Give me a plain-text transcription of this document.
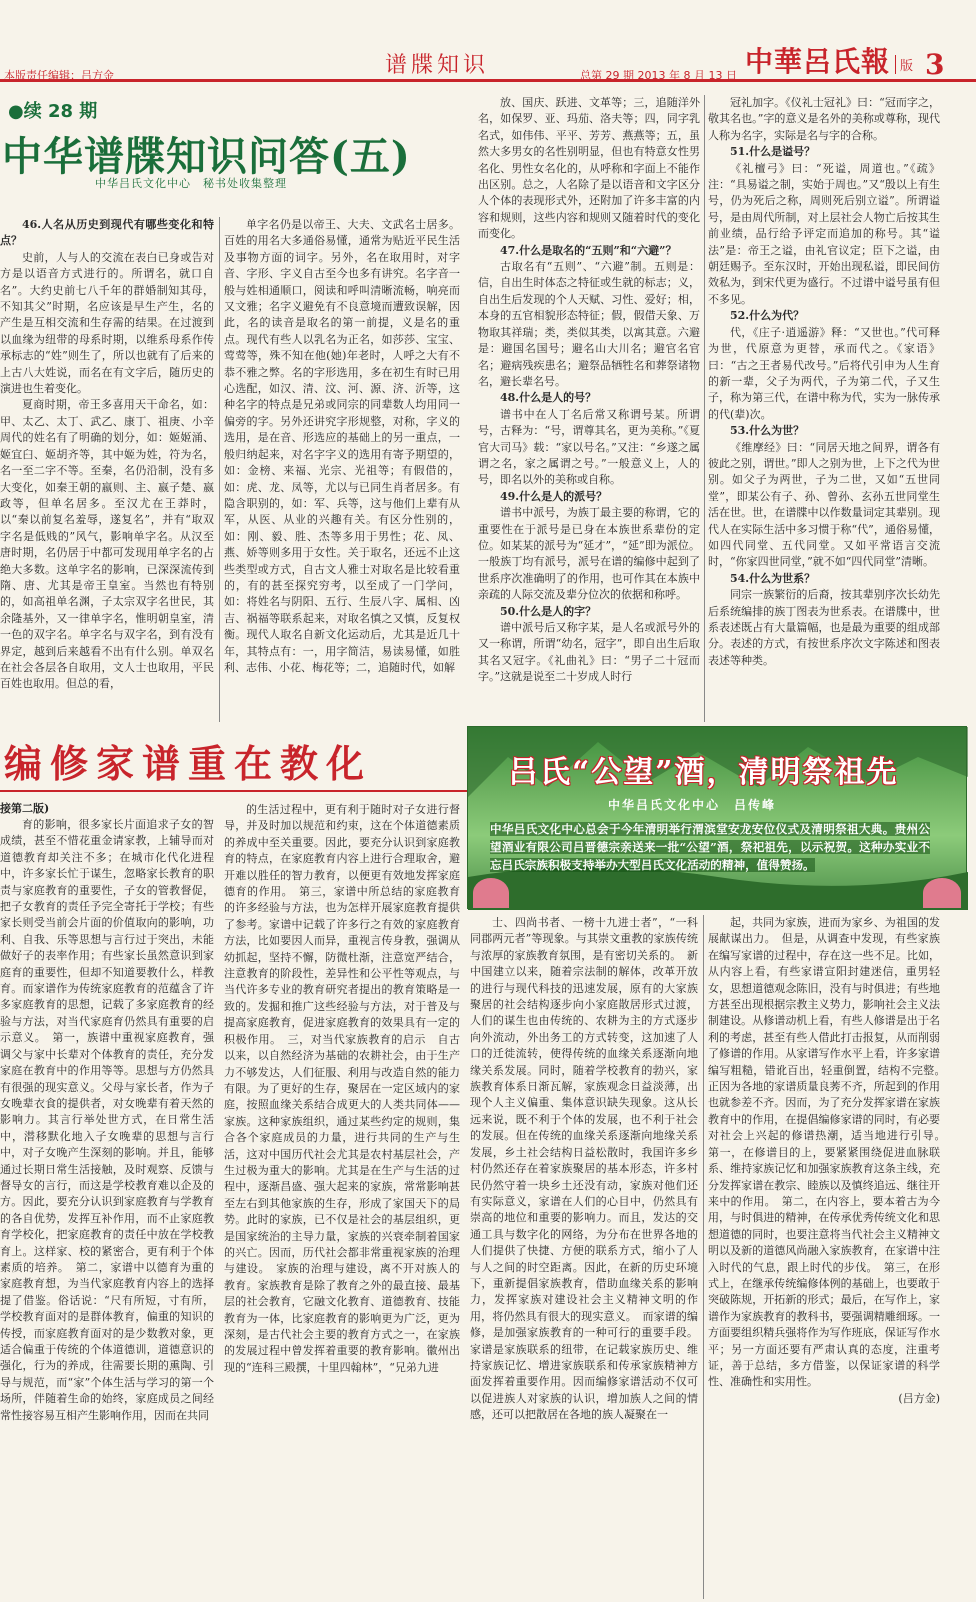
谱牒知识
本版责任编辑：吕方金	总第 29 期 2013 年 8 月 13 日 中華呂氏報 版 3
●续 28 期
中华谱牒知识问答(五)
中华吕氏文化中心　秘书处收集整理

46.人名从历史到现代有哪些变化和特点？

史前，人与人的交流在表白已身或告对方是以语音方式进行的。所谓名，就口自名”。大约史前七八千年的群婚制知其母，不知其父”时期，名应该是早生产生，名的产生是互相交流和生存需的结果。在过渡到以血缘为纽带的母系时期，以维系母系作传承标志的“姓”则生了，所以也就有了后来的上古八大姓说，而名在有文字后，随历史的演进也生着变化。

夏商时期，帝王多喜用天干命名，如：甲、太乙、太丁、武乙、康丁、祖庚、小辛周代的姓名有了明确的划分，如：姬姬涌、姬宜臼、姬胡齐等，其中姬为姓，符为名，名一至二字不等。至秦，名仍沿制，没有多大变化，如秦王朝的嬴则、主、嬴子楚、嬴政等，但单名居多。至汉尤在王莽时，以“秦以前复名羞辱，遂复名”，并有“取双字名是低贱的”风气，影响单字名。从汉至唐时期，名仍居于中都可发现用单字名的占绝大多数。这单字名的影响，已深深流传到隋、唐、尤其是帝王皇室。当然也有特别的，如高祖单名渊，子太宗双字名世民，其余隆基外，又一律单字名，惟明朝皇室，清一色的双字名。单字名与双字名，到有没有界定，越到后来越看不出有什么别。单双名在社会各层各自取用，文人士也取用，平民百姓也取用。但总的看，

单字名仍是以帝王、大夫、文武名士居多。百姓的用名大多通俗易懂，通常为贴近平民生活及事物方面的词字。另外，名在取用时，对字音、字形、字义自古至今也多有讲究。名字音一般与姓相通顺口，阅读和呼叫清晰流畅，响亮而又文雅；名字义避免有不良意境而遭致误解，因此，名的读音是取名的第一前提，义是名的重点。现代有些人以乳名为正名，如莎莎、宝宝、莺莺等，殊不知在他(她)年老时，人呼之大有不恭不雅之弊。名的字形选用，多在初生有时已用心选配，如汉、清、汶、河、源、济、沂等，这种名字的特点是兄弟或同宗的同辈数人均用同一偏旁的字。另外还讲究字形规整，对称，字义的选用，是在音、形选应的基础上的另一重点，一般归纳起来，对名字字义的选用有寄予期望的，如：金榜、来福、光宗、光祖等；有假借的，如：虎、龙、凤等，尤以与已同生肖者居多。有隐含职别的，如：军、兵等，这与他们上辈有从军，从医、从业的兴趣有关。有区分性别的，如：刚、毅、胜、杰等多用于男性；花、凤、燕、娇等则多用于女性。关于取名，还远不止这些类型或方式，自古文人雅士对取名是比较看重的，有的甚至探究穷考，以至成了一门学问，如：将姓名与阴阳、五行、生辰八字、属相、凶吉、祸福等联系起来，对取名慎之又慎，反复权衡。现代人取名自新文化运动后，尤其是近几十年，其特点有：一，用字简洁，易读易懂，如胜利、志伟、小花、梅花等；二，追随时代，如解

放、国庆、跃进、文革等；三，追随洋外名，如保罗、亚、玛茄、洛夫等；四，同字乳名式，如伟伟、平平、芳芳、燕燕等；五，虽然大多男女的名性别明显，但也有特意女性男名化、男性女名化的，从呼称和字面上不能作出区别。总之，人名除了是以语音和文字区分人个体的表现形式外，还附加了许多丰富的内容和规则，这些内容和规则又随着时代的变化而变化。

47.什么是取名的“五则”和“六避”？

古取名有“五则”、“六避”制。五则是：信，自出生时体态之特征或生就的标志；义，自出生后发现的个人天赋、习性、爱好；相，本身的五官相貌形态特征；假，假借天象、万物取其祥瑞；类，类似其类，以寓其意。六避是：避国名国号；避名山大川名；避官名官名；避病残疾患名；避祭品牺牲名和葬祭诸物名，避长辈名号。

48.什么是人的号？

谱书中在人丁名后常又称谓号某。所谓号，古释为：“号，谓尊其名，更为美称。”《夏官大司马》载：“家以号名。”又注：“乡遂之属谓之名，家之属谓之号。”一般意义上，人的号，即名以外的美称或自称。

49.什么是人的派号？

谱书中派号，为族丁最主要的称谓，它的重要性在于派号是已身在本族世系辈份的定位。如某某的派号为“延才”，“延”即为派位。一般族丁均有派号，派号在谱的编修中起到了世系序次准确明了的作用，也可作其在本族中亲疏的人际交流及辈分位次的依据和称呼。

50.什么是人的字？

谱中派号后又称字某，是人名或派号外的又一称谓，所谓“幼名，冠字”，即自出生后取其名又冠字。《礼曲礼》曰：“男子二十冠而字。”这就是说至二十岁成人时行

冠礼加字。《仪礼士冠礼》曰：“冠而字之，敬其名也。”字的意义是名外的美称或尊称，现代人称为名字，实际是名与字的合称。

51.什么是谥号？

《礼檀弓》曰：“死谥，周道也。”《疏》注：“具易谥之制，实始于周也。”又“殷以上有生号，仍为死后之称，周则死后别立谥”。所谓谥号，是由周代所制，对上层社会人物亡后按其生前业绩，品行给予评定而追加的称号。其“谥法”是：帝王之谥，由礼官议定；臣下之谥，由朝廷赐予。至东汉时，开始出现私谥，即民间仿效私为，到宋代更为盛行。不过谱中谥号虽有但不多见。

52.什么为代？

代，《庄子·逍遥游》释：“又世也。”代可释为世，代原意为更替，承而代之。《家语》曰：“古之王者易代改号。”后将代引申为人生育的新一辈，父子为两代，子为第二代，子又生子，称为第三代，在谱中称为代，实为一脉传承的代(辈)次。

53.什么为世？

《维摩经》曰：“同居天地之间界，谓各有彼此之别，谓世。”即人之别为世，上下之代为世别。如父子为两世，子为二世，又如“五世同堂”，即某公有子、孙、曾孙、玄孙五世同堂生活在世。世，在谱牒中以作数量词定其辈别。现代人在实际生活中多习惯于称“代”，通俗易懂，如四代同堂、五代同堂。又如平常语言交流时，“你家四世同堂，”就不如“四代同堂”清晰。

54.什么为世系？

同宗一族繁衍的后裔，按其辈别序次长幼先后系统编排的族丁图表为世系表。在谱牒中，世系表述既占有大量篇幅，也是最为重要的组成部分。表述的方式，有按世系序次文字陈述和图表表述等种类。

编修家谱重在教化
接第二版)

育的影响，很多家长片面追求子女的智成绩，甚至不惜花重金请家教，上辅导而对道德教育却关注不多；在城市化代化进程中，许多家长忙于谋生，忽略家长教育的职责与家庭教育的重要性，子女的管教督促，把子女教育的责任予完全寄托于学校；有些家长则受当前会片面的价值取向的影响，功利、自我、乐等思想与言行过于突出，未能做好子的表率作用；有些家长虽然意识到家庭育的重要性，但却不知道要教什么，样教育。而家谱作为传统家庭教育的范蕴含了许多家庭教育的思想，记载了多家庭教育的经验与方法，对当代家庭育仍然具有重要的启示意义。　第一，族谱中重视家庭教育，强调父与家中长辈对个体教育的责任，充分发家庭在教育中的作用等等。思想与方仍然具有很强的现实意义。父母与家长者，作为子女晚辈衣食的提供者，对女晚辈有着天然的影响力。其言行举处世方式，在日常生活中，潜移默化地入子女晚辈的思想与言行中，对子女晚产生深刻的影响。并且，能够通过长期日常生活接触，及时观察、反馈与督导女的言行，而这是学校教育难以企及的方。因此，要充分认识到家庭教育与学教育的各自优势，发挥互补作用，而不止家庭教育学校化，把家庭教育的责任中放在学校教育上。这样家、校的紧密合，更有利于个体素质的培养。　第二，家谱中以德育为重的家庭教育想，为当代家庭教育内容上的选择提了借鉴。俗话说：“尺有所短，寸有所，学校教育面对的是群体教育，偏重的知识的传授，而家庭教育面对的是少数教对象，更适合偏重于传统的个体道德训，道德意识的强化，行为的养成，往需要长期的熏陶、引导与规范，而“家”个体生活与学习的第一个场所，伴随着生命的始终，家庭成员之间经常性接容易互相产生影响作用，因而在共同

的生活过程中，更有利于随时对子女进行督导，并及时加以规范和约束，这在个体道德素质的养成中至关重要。因此，要充分认识到家庭教育的特点，在家庭教育内容上进行合理取舍，避开难以胜任的智力教育，以便更有效地发挥家庭德育的作用。　第三，家谱中所总结的家庭教育的许多经验与方法，也为怎样开展家庭教育提供了参考。家谱中记载了许多行之有效的家庭教育方法，比如要因人而异，重视言传身教，强调从幼抓起，坚持不懈，防微杜渐，注意宽严结合，注意教育的阶段性，差异性和公平性等观点，与当代许多专业的教育研究者提出的教育策略是一致的。发掘和推广这些经验与方法，对于普及与提高家庭教育，促进家庭教育的效果具有一定的积极作用。　三，对当代家族教育的启示　自古以来，以自然经济为基础的农耕社会，由于生产力不够发达，人们征服、利用与改造自然的能力有限。为了更好的生存，聚居在一定区域内的家庭，按照血缘关系结合成更大的人类共同体——家族。这种家族组织，通过某些约定的规则，集合各个家庭成员的力量，进行共同的生产与生活，这对中国历代社会尤其是农村基层社会，产生过极为重大的影响。尤其是在生产与生活的过程中，逐渐昌盛、强大起来的家族，常常影响甚至左右到其他家族的生存，形成了家国天下的局势。此时的家族，已不仅是社会的基层组织，更是国家统治的主导力量，家族的兴衰牵制着国家的兴亡。因而，历代社会都非常重视家族的治理与建设。　家族的治理与建设，离不开对族人的教育。家族教育是除了教育之外的最直接、最基层的社会教育，它融文化教育、道德教育、技能教育为一体，比家庭教育的影响更为广泛，更为深刻，是古代社会主要的教育方式之一，在家族的发展过程中曾发挥着重要的教育影响。徽州出现的“连科三殿撰，十里四翰林”，“兄弟九进

士、四尚书者、一榜十九进士者”，“一科同郡两元者”等现象。与其崇文重教的家族传统与浓厚的家族教育氛围，是有密切关系的。　新中国建立以来，随着宗法制的解体，改革开放的进行与现代科技的迅速发展，原有的大家族聚居的社会结构逐步向小家庭散居形式过渡，人们的谋生也由传统的、农耕为主的方式逐步向外流动，外出务工的方式转变，这加速了人口的迁徙流转，使得传统的血缘关系逐渐向地缘关系发展。同时，随着学校教育的勃兴，家族教育体系日渐瓦解，家族观念日益淡薄，出现个人主义偏重、集体意识缺失现象。这从长远来说，既不利于个体的发展，也不利于社会的发展。但在传统的血缘关系逐渐向地缘关系发展，乡土社会结构日益松散时，我国许多乡村仍然还存在着家族聚居的基本形态，许多村民仍然守着一块乡土还没有动，家族对他们还有实际意义，家谱在人们的心目中，仍然具有崇高的地位和重要的影响力。而且，发达的交通工具与数字化的网络，为分布在世界各地的人们提供了快捷、方便的联系方式，缩小了人与人之间的时空距离。因此，在新的历史环境下，重新提倡家族教育，借助血缘关系的影响力，发挥家族对建设社会主义精神文明的作用，将仍然具有很大的现实意义。　而家谱的编修，是加强家族教育的一种可行的重要手段。家谱是家族联系的纽带，在记载家族历史、维持家族记忆、增进家族联系和传承家族精神方面发挥着重要作用。因而编修家谱活动不仅可以促进族人对家族的认识，增加族人之间的情感，还可以把散居在各地的族人凝聚在一

起，共同为家族，进而为家乡、为祖国的发展献谋出力。　但是，从调查中发现，有些家族在编写家谱的过程中，存在这一些不足。比如，从内容上看，有些家谱宣阳封建迷信，重男轻女，思想道德观念陈旧，没有与时俱进；有些地方甚至出现根据宗教主义势力，影响社会主义法制建设。从修谱动机上看，有些人修谱是出于名利的考虑，甚至有些人借此打击报复，从而削弱了修谱的作用。从家谱写作水平上看，许多家谱编写粗糙，错讹百出，轻重倒置，结构不完整。　正因为各地的家谱质量良莠不齐，所起到的作用也就参差不齐。因而，为了充分发挥家谱在家族教育中的作用，在提倡编修家谱的同时，有必要对社会上兴起的修谱热潮，适当地进行引导。　第一，在修谱目的上，要紧紧围绕促进血脉联系、维持家族记忆和加强家族教育这条主线，充分发挥家谱在教宗、睦族以及慎终追远、继往开来中的作用。　第二，在内容上，要本着古为今用，与时俱进的精神，在传承优秀传统文化和思想道德的同时，也要注意将当代社会主义精神文明以及新的道德风尚融入家族教育，在家谱中注入时代的气息，跟上时代的步伐。　第三，在形式上，在继承传统编修体例的基础上，也要敢于突破陈规，开拓新的形式；最后，在写作上，家谱作为家族教育的教科书，要强调精雕细琢。一方面要组织精兵强将作为写作班底，保证写作水平；另一方面还要有严肃认真的态度，注重考证，善于总结，多方借鉴，以保证家谱的科学性、准确性和实用性。

(吕方金)
吕氏“公望”酒，清明祭祖先
中华吕氏文化中心　吕传峰
中华吕氏文化中心总会于今年清明举行渭滨堂安龙安位仪式及清明祭祖大典。贵州公望酒业有限公司吕晋德宗亲送来一批“公望”酒，祭祀祖先，以示祝贺。这种办实业不忘吕氏宗族积极支持举办大型吕氏文化活动的精神，值得赞扬。
